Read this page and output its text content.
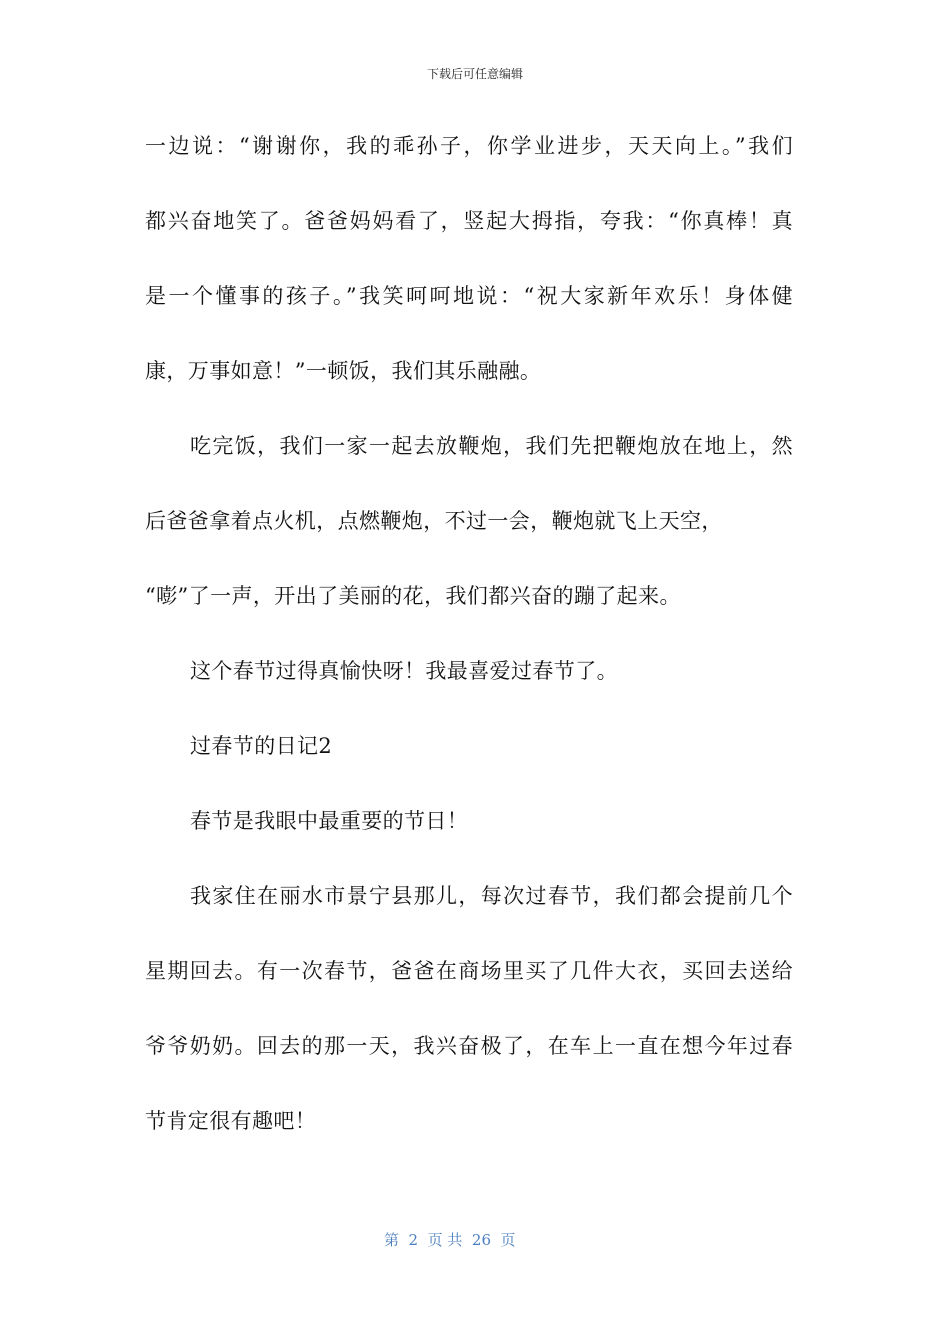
下载后可任意编辑
一边说：“谢谢你，我的乖孙子，你学业进步，天天向上。”我们
都兴奋地笑了。爸爸妈妈看了，竖起大拇指，夸我：“你真棒！真
是一个懂事的孩子。”我笑呵呵地说：“祝大家新年欢乐！身体健
康，万事如意！”一顿饭，我们其乐融融。
吃完饭，我们一家一起去放鞭炮，我们先把鞭炮放在地上，然
后爸爸拿着点火机，点燃鞭炮，不过一会，鞭炮就飞上天空，
“嘭”了一声，开出了美丽的花，我们都兴奋的蹦了起来。
这个春节过得真愉快呀！我最喜爱过春节了。
过春节的日记2
春节是我眼中最重要的节日！
我家住在丽水市景宁县那儿，每次过春节，我们都会提前几个
星期回去。有一次春节，爸爸在商场里买了几件大衣，买回去送给
爷爷奶奶。回去的那一天，我兴奋极了，在车上一直在想今年过春
节肯定很有趣吧！
第  2  页 共  26  页
